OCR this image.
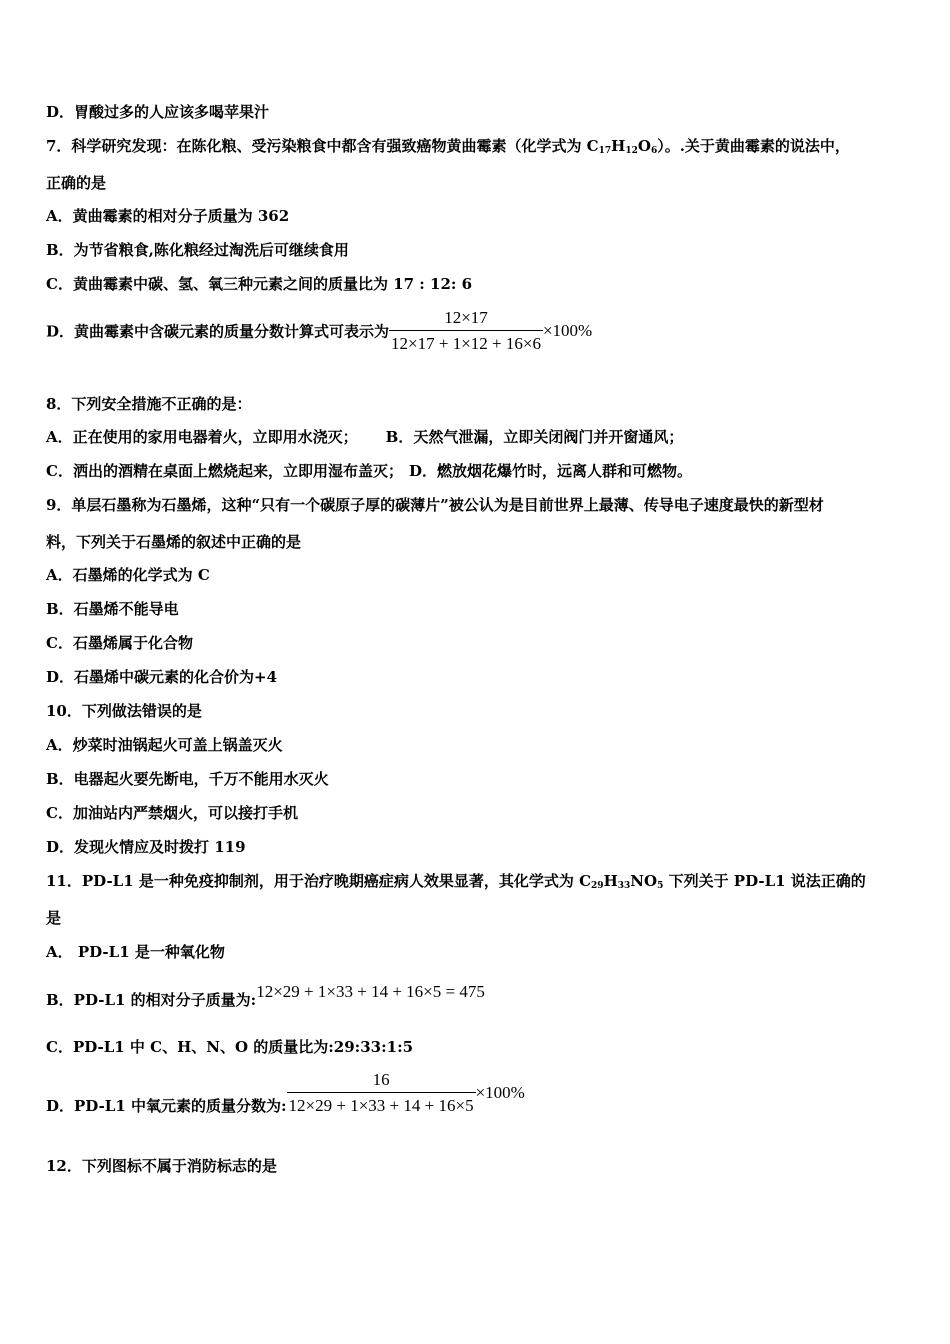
D．胃酸过多的人应该多喝苹果汁
7．科学研究发现：在陈化粮、受污染粮食中都含有强致癌物黄曲霉素（化学式为 $C_{17}H_{12}O_6$）。.关于黄曲霉素的说法中，
正确的是
A．黄曲霉素的相对分子质量为 362
B．为节省粮食,陈化粮经过淘洗后可继续食用
C．黄曲霉素中碳、氢、氧三种元素之间的质量比为 17 : 12: 6
D．黄曲霉素中含碳元素的质量分数计算式可表示为 $\frac{12\times 17}{12\times 17 + 1\times 12 + 16\times 6} \times 100\%$
8．下列安全措施不正确的是：
A．正在使用的家用电器着火，立即用水浇灭； B．天然气泄漏，立即关闭阀门并开窗通风；
C．洒出的酒精在桌面上燃烧起来，立即用湿布盖灭； D．燃放烟花爆竹时，远离人群和可燃物。
9．单层石墨称为石墨烯，这种“只有一个碳原子厚的碳薄片”被公认为是目前世界上最薄、传导电子速度最快的新型材
料，下列关于石墨烯的叙述中正确的是
A．石墨烯的化学式为 C
B．石墨烯不能导电
C．石墨烯属于化合物
D．石墨烯中碳元素的化合价为+4
10．下列做法错误的是
A．炒菜时油锅起火可盖上锅盖灭火
B．电器起火要先断电，千万不能用水灭火
C．加油站内严禁烟火，可以接打手机
D．发现火情应及时拨打 119
11．PD-L1 是一种免疫抑制剂，用于治疗晚期癌症病人效果显著，其化学式为 $C_{29}H_{33}NO_5$ 下列关于 PD-L1 说法正确的
是
A． PD-L1 是一种氧化物
B．PD-L1 的相对分子质量为:12×29 + 1×33 + 14 + 16×5 = 475
C．PD-L1 中 C、H、N、O 的质量比为:29:33:1:5
D．PD-L1 中氧元素的质量分数为: $\frac{16}{12\times 29 + 1\times 33 + 14 + 16\times 5} \times 100\%$
12．下列图标不属于消防标志的是
